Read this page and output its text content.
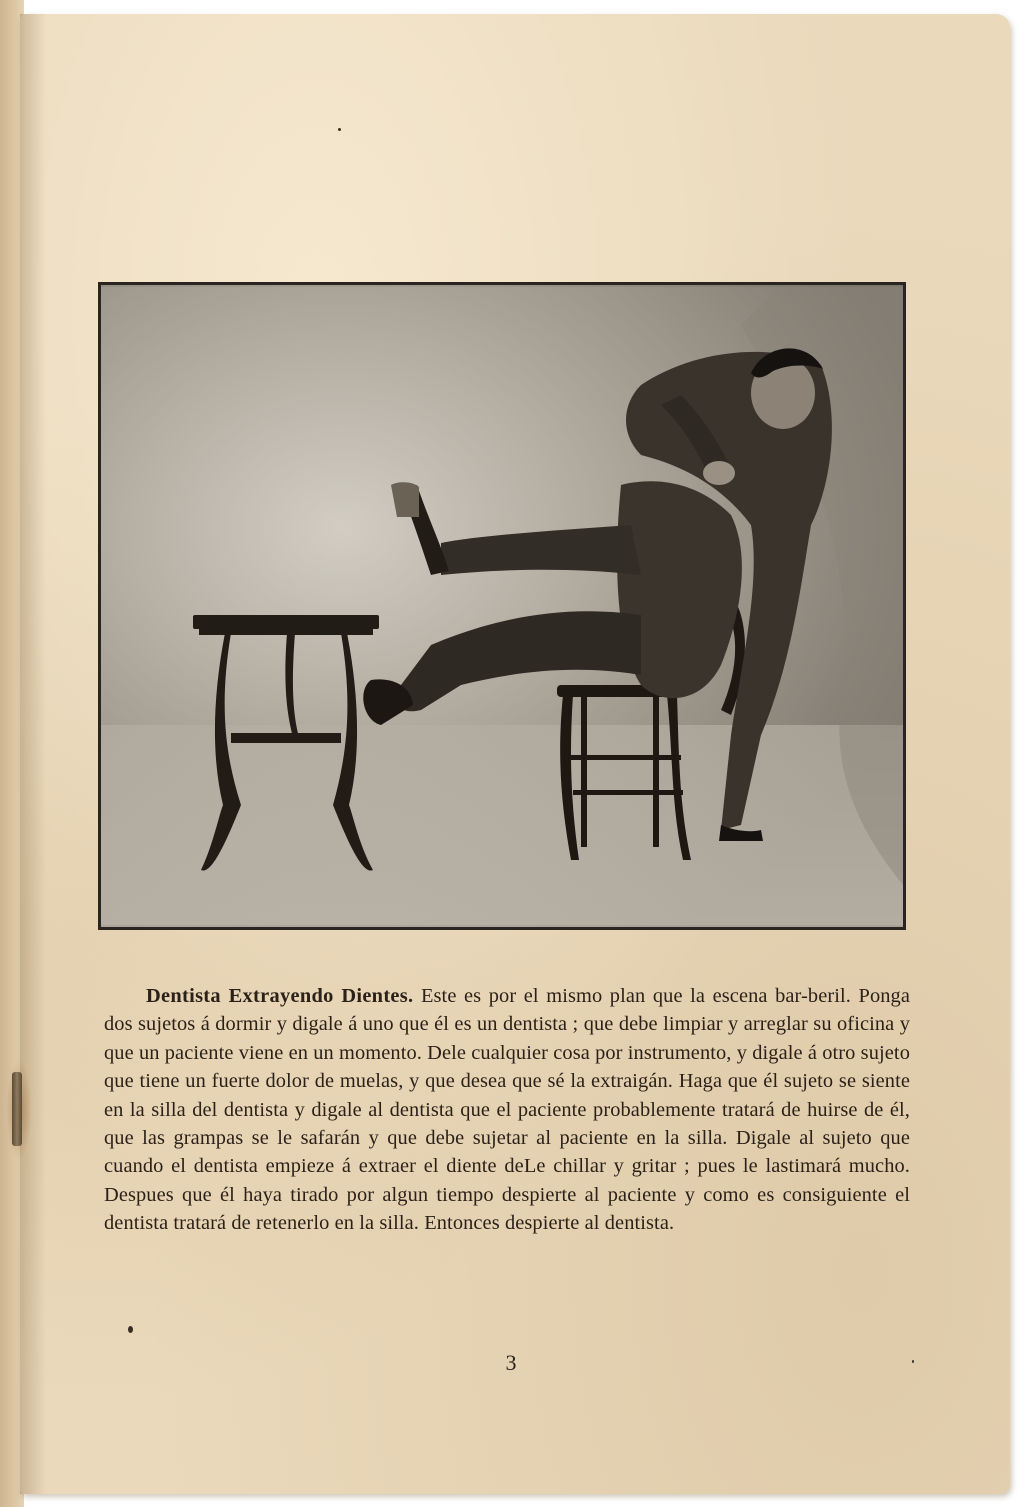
Dentista Extrayendo Dientes. Este es por el mismo plan que la escena bar-beril. Ponga dos sujetos á dormir y digale á uno que él es un dentista ; que debe limpiar y arreglar su oficina y que un paciente viene en un momento. Dele cualquier cosa por instrumento, y digale á otro sujeto que tiene un fuerte dolor de muelas, y que desea que sé la extraigán. Haga que él sujeto se siente en la silla del dentista y digale al dentista que el paciente probablemente tratará de huirse de él, que las grampas se le safarán y que debe sujetar al paciente en la silla. Digale al sujeto que cuando el dentista empieze á extraer el diente deLe chillar y gritar ; pues le lastimará mucho. Despues que él haya tirado por algun tiempo despierte al paciente y como es consiguiente el dentista tratará de retenerlo en la silla. Entonces despierte al dentista.
3
